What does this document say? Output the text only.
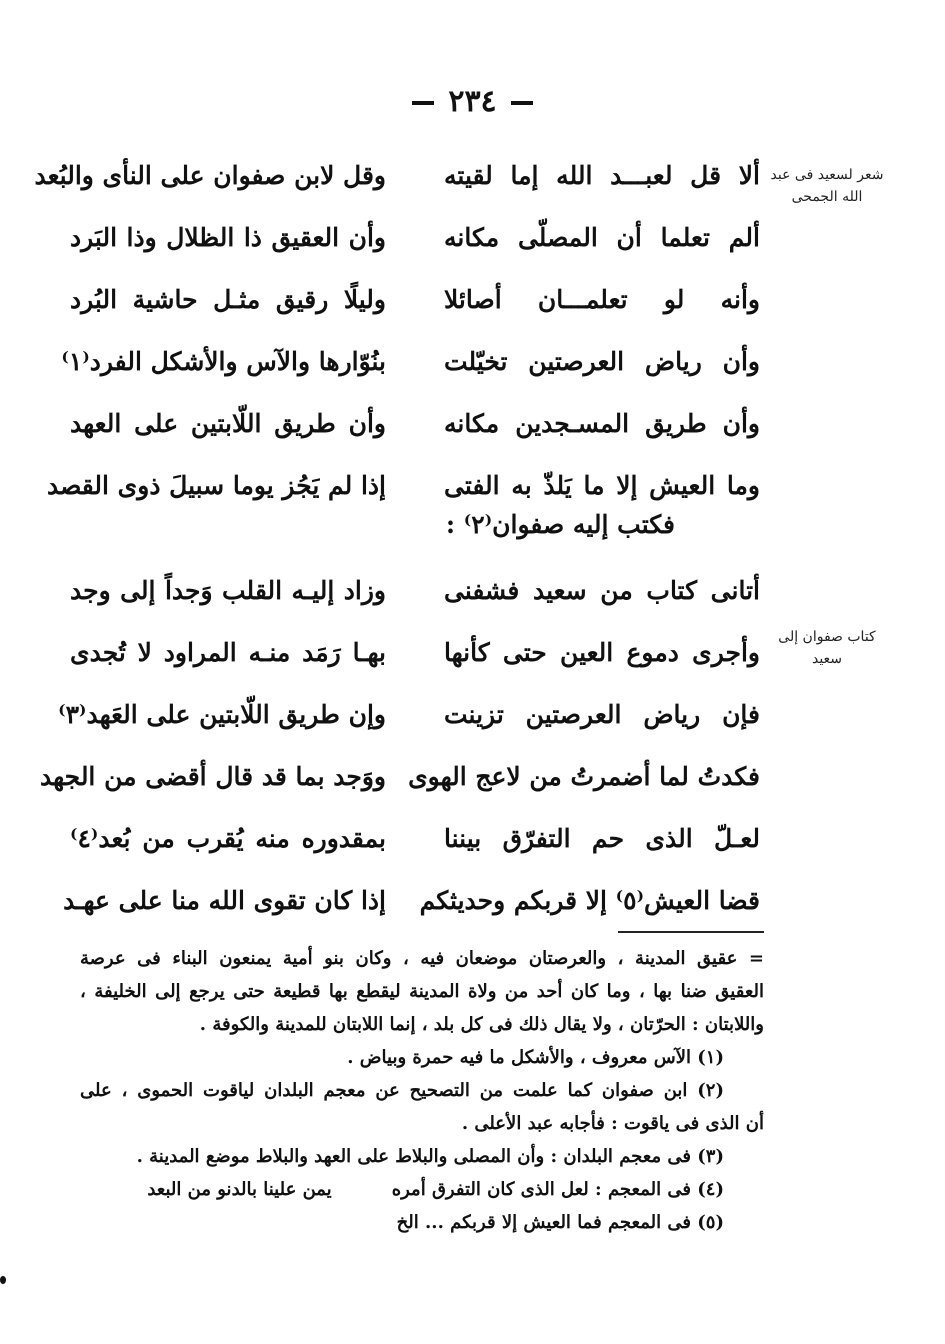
٢٣٤
شعر لسعيد فى عبد الله الجمحى
ألا قل لعبـــد الله إما لقيته
وقل لابن صفوان على النأى والبُعد
ألم تعلما أن المصلّى مكانه
وأن العقيق ذا الظلال وذا البَرد
وأنه لو تعلمـــان أصائلا
وليلًا رقيق مثـل حاشية البُرد
وأن رياض العرصتين تخيّلت
بنُوّارها والآس والأشكل الفرد⁽١⁾
وأن طريق المسـجدين مكانه
وأن طريق اللّابتين على العهد
وما العيش إلا ما يَلذّ به الفتى
إذا لم يَجُز يوما سبيلَ ذوى القصد
فكتب إليه صفوان⁽٢⁾ :
كتاب صفوان إلى سعيد
أتانى كتاب من سعيد فشفنى
وزاد إليـه القلب وَجداً إلى وجد
وأجرى دموع العين حتى كأنها
بهـا رَمَد منـه المراود لا تُجدى
فإن رياض العرصتين تزينت
وإن طريق اللّابتين على العَهد⁽٣⁾
فكدتُ لما أضمرتُ من لاعج الهوى
ووَجد بما قد قال أقضى من الجهد
لعـلّ الذى حم التفرّق بيننا
بمقدوره منه يُقرب من بُعد⁽٤⁾
قضا العيش⁽٥⁾ إلا قربكم وحديثكم
إذا كان تقوى الله منا على عهـد

= عقيق المدينة ، والعرصتان موضعان فيه ، وكان بنو أمية يمنعون البناء فى عرصة

العقيق ضنا بها ، وما كان أحد من ولاة المدينة ليقطع بها قطيعة حتى يرجع إلى الخليفة ،

واللابتان : الحرّتان ، ولا يقال ذلك فى كل بلد ، إنما اللابتان للمدينة والكوفة .

(١) الآس معروف ، والأشكل ما فيه حمرة وبياض .

(٢) ابن صفوان كما علمت من التصحيح عن معجم البلدان لياقوت الحموى ، على

أن الذى فى ياقوت : فأجابه عبد الأعلى .

(٣) فى معجم البلدان : وأن المصلى والبلاط على العهد والبلاط موضع المدينة .

(٤) فى المعجم : لعل الذى كان التفرق أمرهيمن علينا بالدنو من البعد

(٥) فى المعجم فما العيش إلا قربكم ... الخ
